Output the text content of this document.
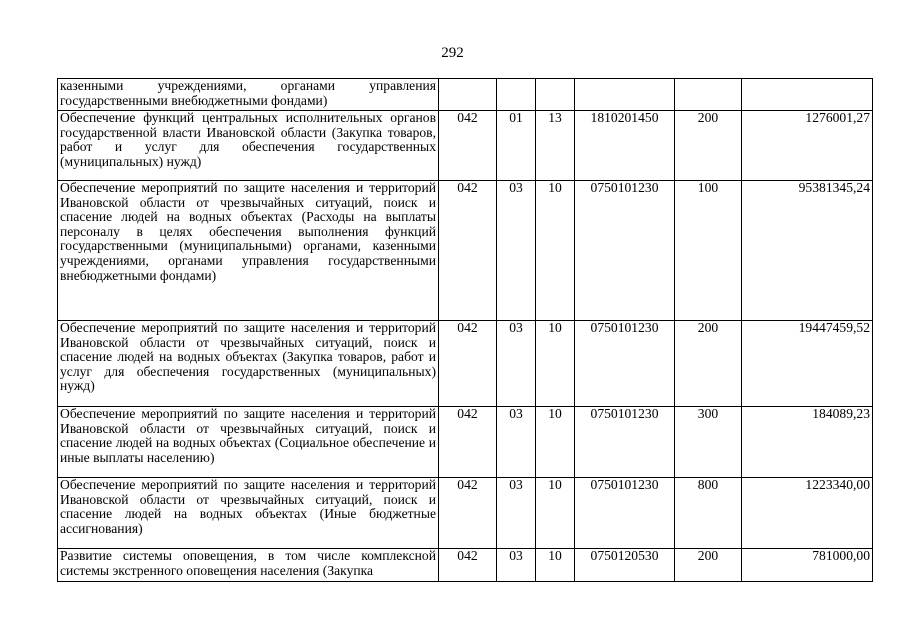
292
казенными учреждениями, органами управления государственными внебюджетными фондами)						
Обеспечение функций центральных исполнительных органов государственной власти Ивановской области (Закупка товаров, работ и услуг для обеспечения государственных (муниципальных) нужд)	042	01	13	1810201450	200	1276001,27
Обеспечение мероприятий по защите населения и территорий Ивановской области от чрезвычайных ситуаций, поиск и спасение людей на водных объектах (Расходы на выплаты персоналу в целях обеспечения выполнения функций государственными (муниципальными) органами, казенными учреждениями, органами управления государственными внебюджетными фондами)	042	03	10	0750101230	100	95381345,24
Обеспечение мероприятий по защите населения и территорий Ивановской области от чрезвычайных ситуаций, поиск и спасение людей на водных объектах (Закупка товаров, работ и услуг для обеспечения государственных (муниципальных) нужд)	042	03	10	0750101230	200	19447459,52
Обеспечение мероприятий по защите населения и территорий Ивановской области от чрезвычайных ситуаций, поиск и спасение людей на водных объектах (Социальное обеспечение и иные выплаты населению)	042	03	10	0750101230	300	184089,23
Обеспечение мероприятий по защите населения и территорий Ивановской области от чрезвычайных ситуаций, поиск и спасение людей на водных объектах (Иные бюджетные ассигнования)	042	03	10	0750101230	800	1223340,00

Развитие системы оповещения, в том числе комплексной системы экстренного оповещения населения (Закупка	042	03	10	0750120530	200	781000,00
